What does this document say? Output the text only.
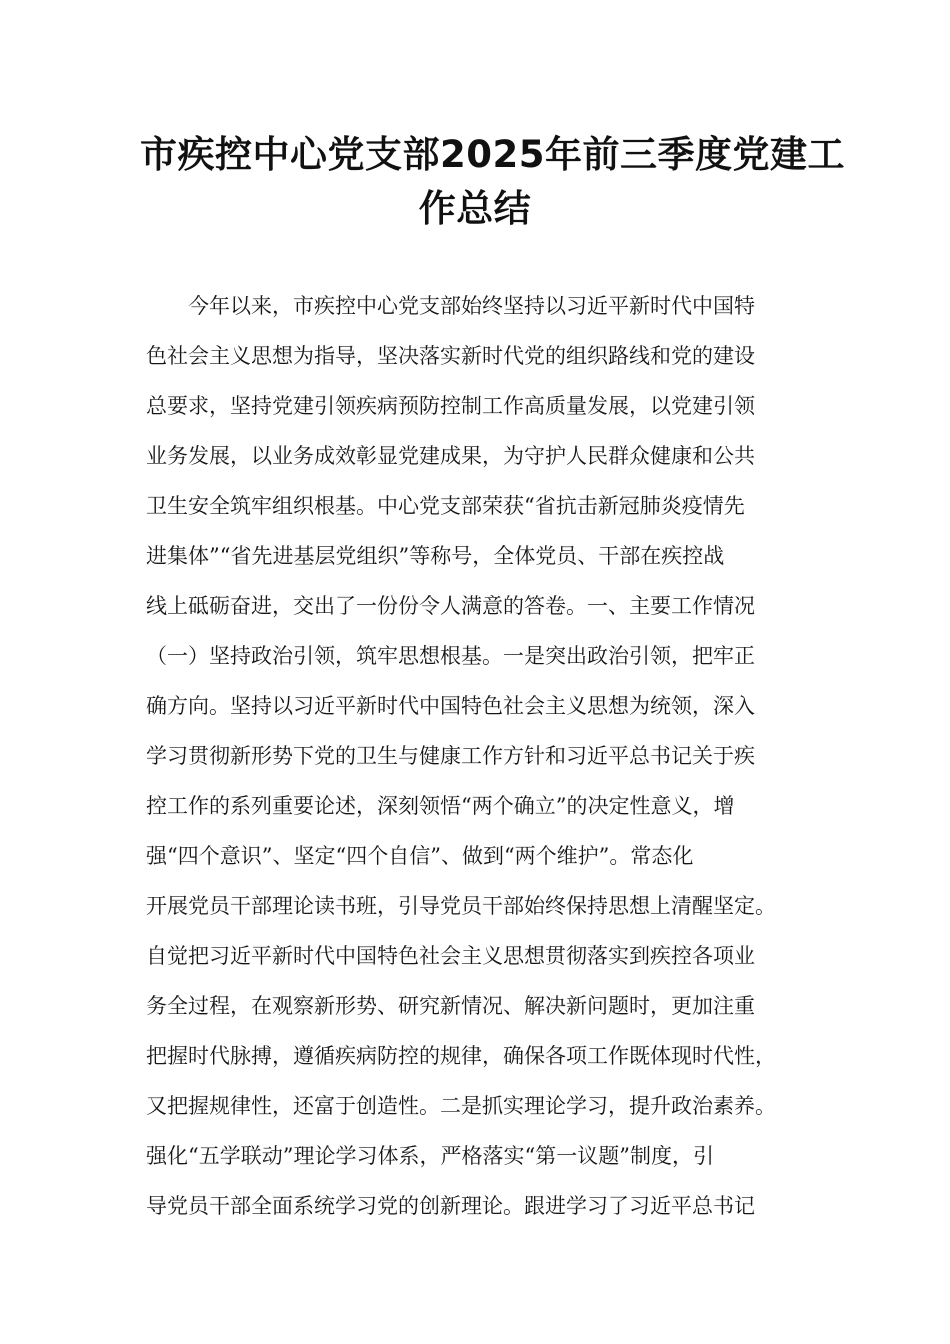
市疾控中心党支部2025年前三季度党建工
作总结
今年以来，市疾控中心党支部始终坚持以习近平新时代中国特
色社会主义思想为指导，坚决落实新时代党的组织路线和党的建设
总要求，坚持党建引领疾病预防控制工作高质量发展，以党建引领
业务发展，以业务成效彰显党建成果，为守护人民群众健康和公共
卫生安全筑牢组织根基。中心党支部荣获“省抗击新冠肺炎疫情先
进集体”“省先进基层党组织”等称号，全体党员、干部在疾控战
线上砥砺奋进，交出了一份份令人满意的答卷。一、主要工作情况
（一）坚持政治引领，筑牢思想根基。一是突出政治引领，把牢正
确方向。坚持以习近平新时代中国特色社会主义思想为统领，深入
学习贯彻新形势下党的卫生与健康工作方针和习近平总书记关于疾
控工作的系列重要论述，深刻领悟“两个确立”的决定性意义，增
强“四个意识”、坚定“四个自信”、做到“两个维护”。常态化
开展党员干部理论读书班，引导党员干部始终保持思想上清醒坚定。
自觉把习近平新时代中国特色社会主义思想贯彻落实到疾控各项业
务全过程，在观察新形势、研究新情况、解决新问题时，更加注重
把握时代脉搏，遵循疾病防控的规律，确保各项工作既体现时代性，
又把握规律性，还富于创造性。二是抓实理论学习，提升政治素养。
强化“五学联动”理论学习体系，严格落实“第一议题”制度，引
导党员干部全面系统学习党的创新理论。跟进学习了习近平总书记
